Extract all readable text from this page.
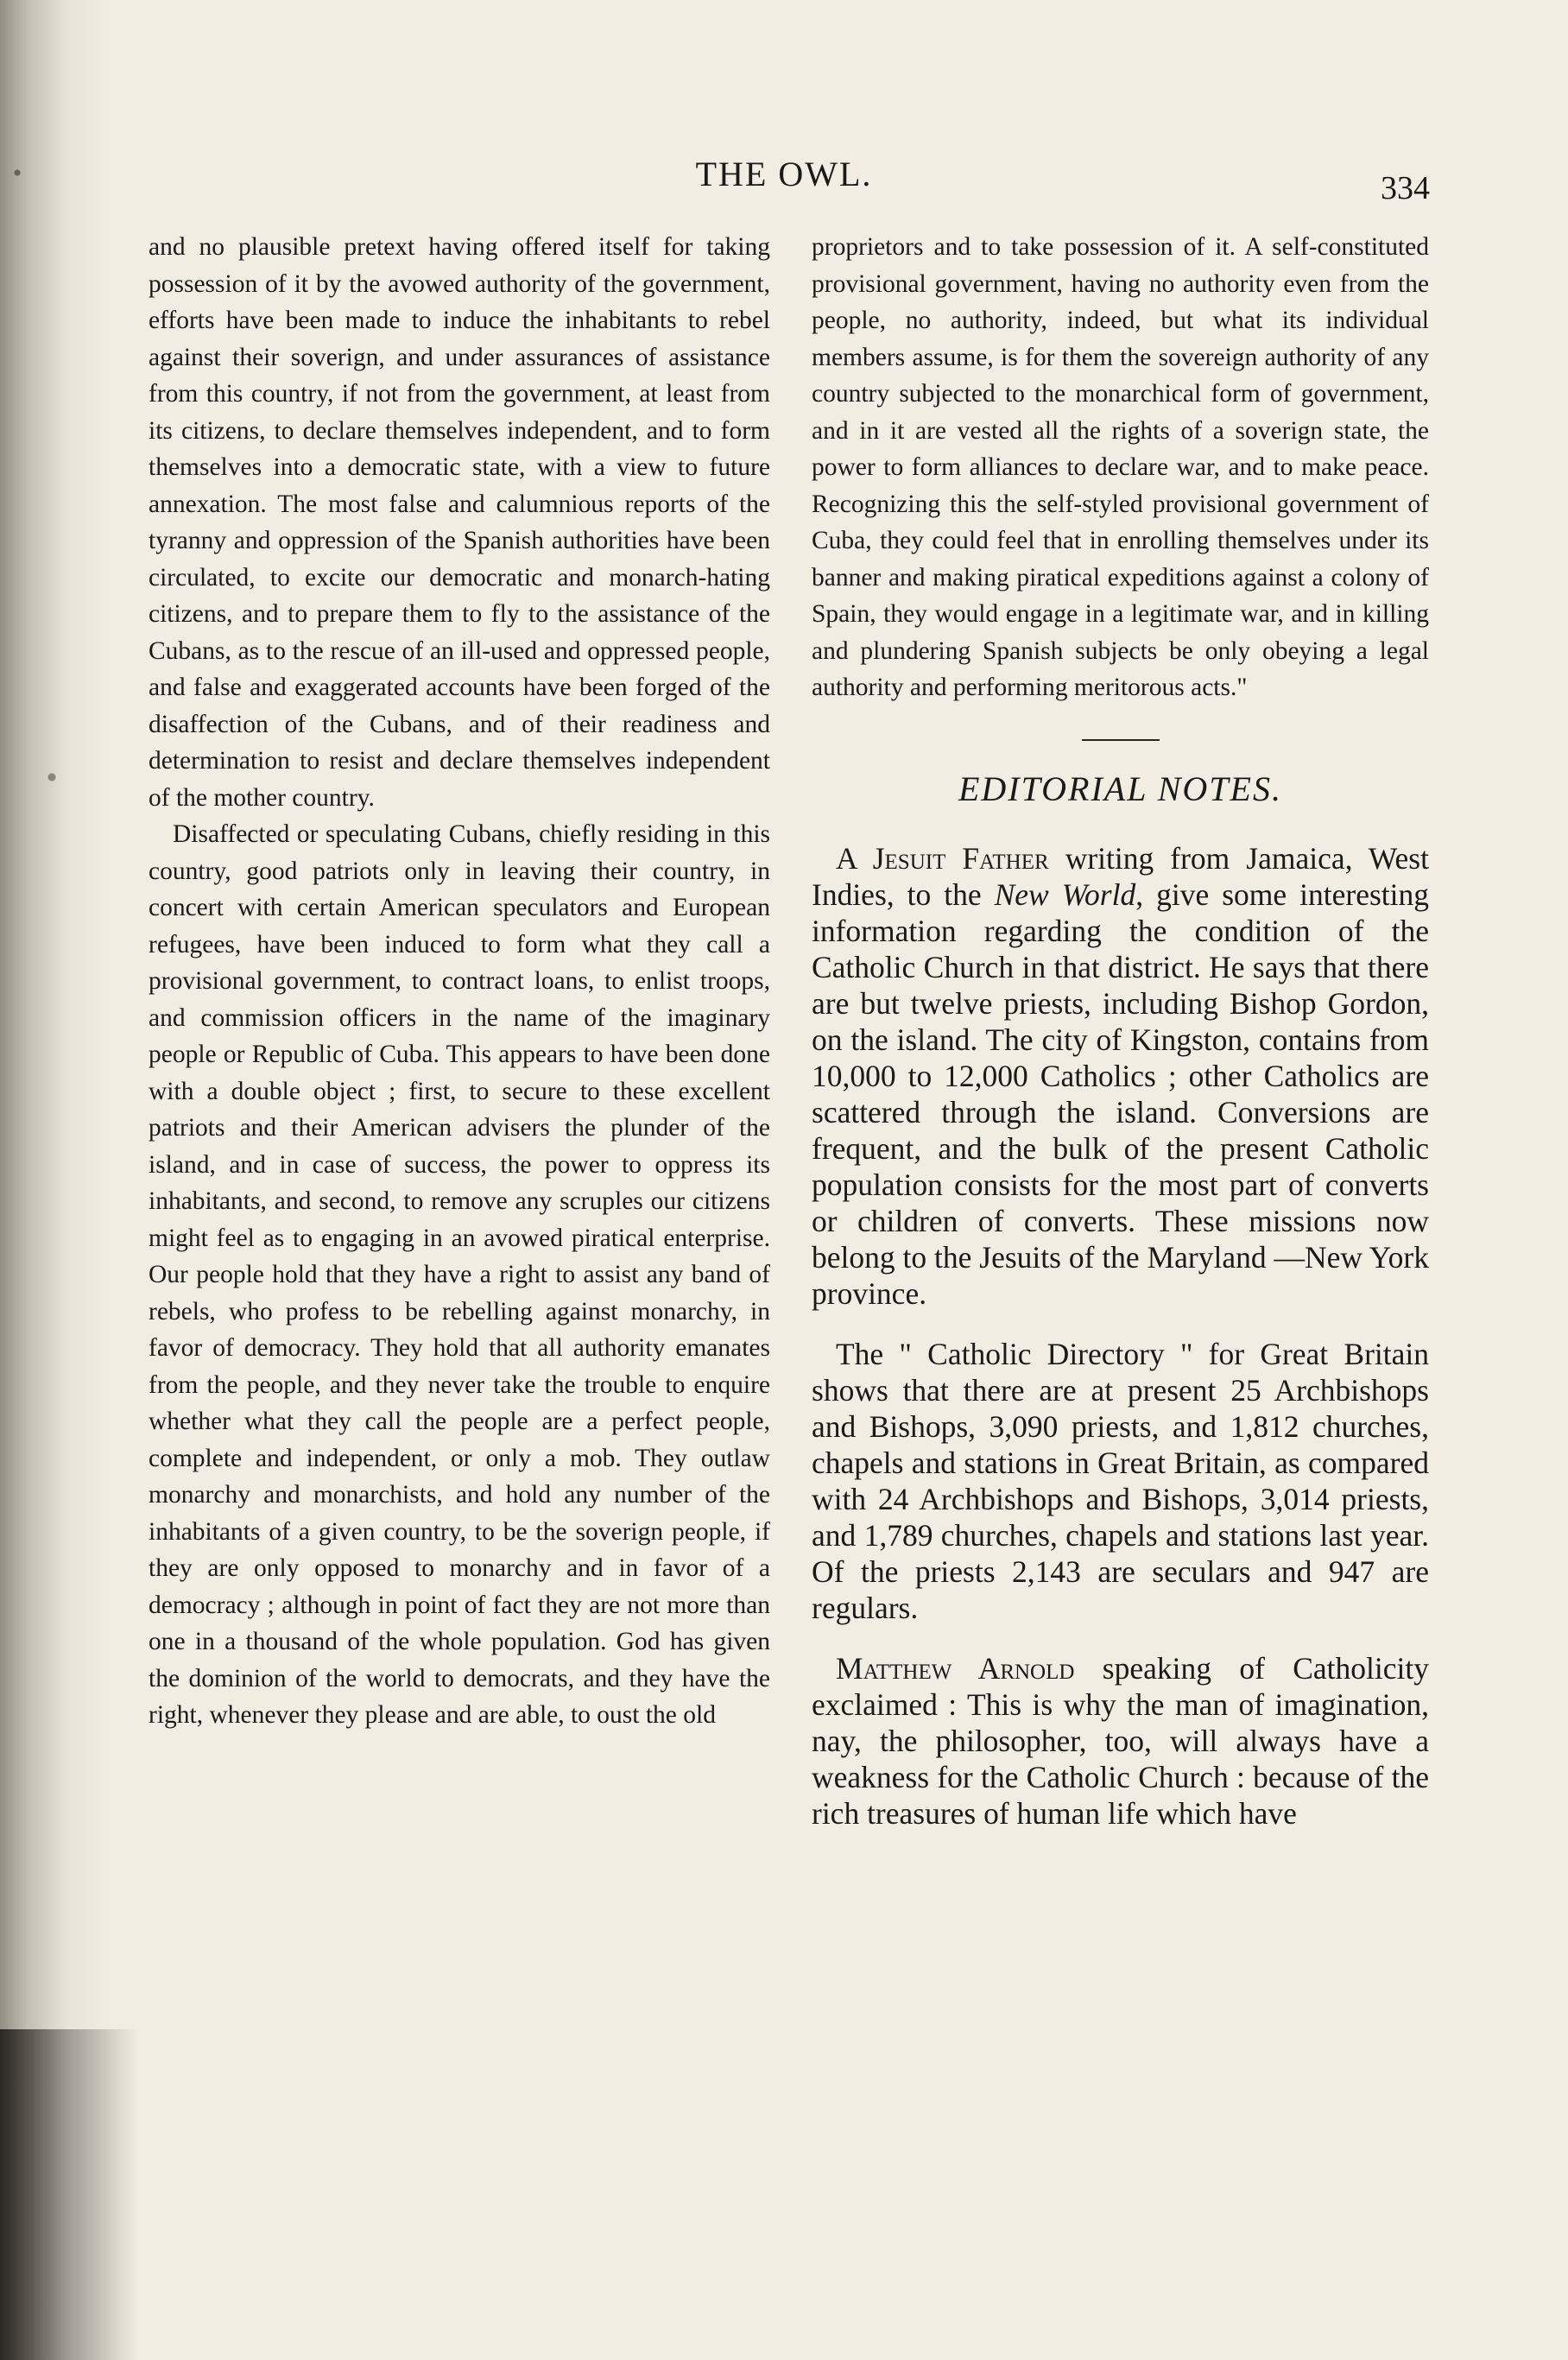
THE OWL.	334

and no plausible pretext having offered itself for taking possession of it by the avowed authority of the government, efforts have been made to induce the inhabitants to rebel against their soverign, and under assurances of assistance from this country, if not from the government, at least from its citizens, to declare themselves independent, and to form themselves into a democratic state, with a view to future annexation. The most false and calumnious reports of the tyranny and oppression of the Spanish authorities have been circulated, to excite our democratic and monarch-hating citizens, and to prepare them to fly to the assistance of the Cubans, as to the rescue of an ill-used and oppressed people, and false and exaggerated accounts have been forged of the disaffection of the Cubans, and of their readiness and determination to resist and declare themselves independent of the mother country.

Disaffected or speculating Cubans, chiefly residing in this country, good patriots only in leaving their country, in concert with certain American speculators and European refugees, have been induced to form what they call a provisional government, to contract loans, to enlist troops, and commission officers in the name of the imaginary people or Republic of Cuba. This appears to have been done with a double object ; first, to secure to these excellent patriots and their American advisers the plunder of the island, and in case of success, the power to oppress its inhabitants, and second, to remove any scruples our citizens might feel as to engaging in an avowed piratical enterprise. Our people hold that they have a right to assist any band of rebels, who profess to be rebelling against monarchy, in favor of democracy. They hold that all authority emanates from the people, and they never take the trouble to enquire whether what they call the people are a perfect people, complete and independent, or only a mob. They outlaw monarchy and monarchists, and hold any number of the inhabitants of a given country, to be the soverign people, if they are only opposed to monarchy and in favor of a democracy ; although in point of fact they are not more than one in a thousand of the whole population. God has given the dominion of the world to democrats, and they have the right, whenever they please and are able, to oust the old

proprietors and to take possession of it. A self-constituted provisional government, having no authority even from the people, no authority, indeed, but what its individual members assume, is for them the sovereign authority of any country subjected to the monarchical form of government, and in it are vested all the rights of a soverign state, the power to form alliances to declare war, and to make peace. Recognizing this the self-styled provisional government of Cuba, they could feel that in enrolling themselves under its banner and making piratical expeditions against a colony of Spain, they would engage in a legitimate war, and in killing and plundering Spanish subjects be only obeying a legal authority and performing meritorous acts."

EDITORIAL NOTES.

A Jesuit Father writing from Jamaica, West Indies, to the New World, give some interesting information regarding the condition of the Catholic Church in that district. He says that there are but twelve priests, including Bishop Gordon, on the island. The city of Kingston, contains from 10,000 to 12,000 Catholics ; other Catholics are scattered through the island. Conversions are frequent, and the bulk of the present Catholic population consists for the most part of converts or children of converts. These missions now belong to the Jesuits of the Maryland —New York province.

The " Catholic Directory " for Great Britain shows that there are at present 25 Archbishops and Bishops, 3,090 priests, and 1,812 churches, chapels and stations in Great Britain, as compared with 24 Archbishops and Bishops, 3,014 priests, and 1,789 churches, chapels and stations last year. Of the priests 2,143 are seculars and 947 are regulars.

Matthew Arnold speaking of Catholicity exclaimed : This is why the man of imagination, nay, the philosopher, too, will always have a weakness for the Catholic Church : because of the rich treasures of human life which have
